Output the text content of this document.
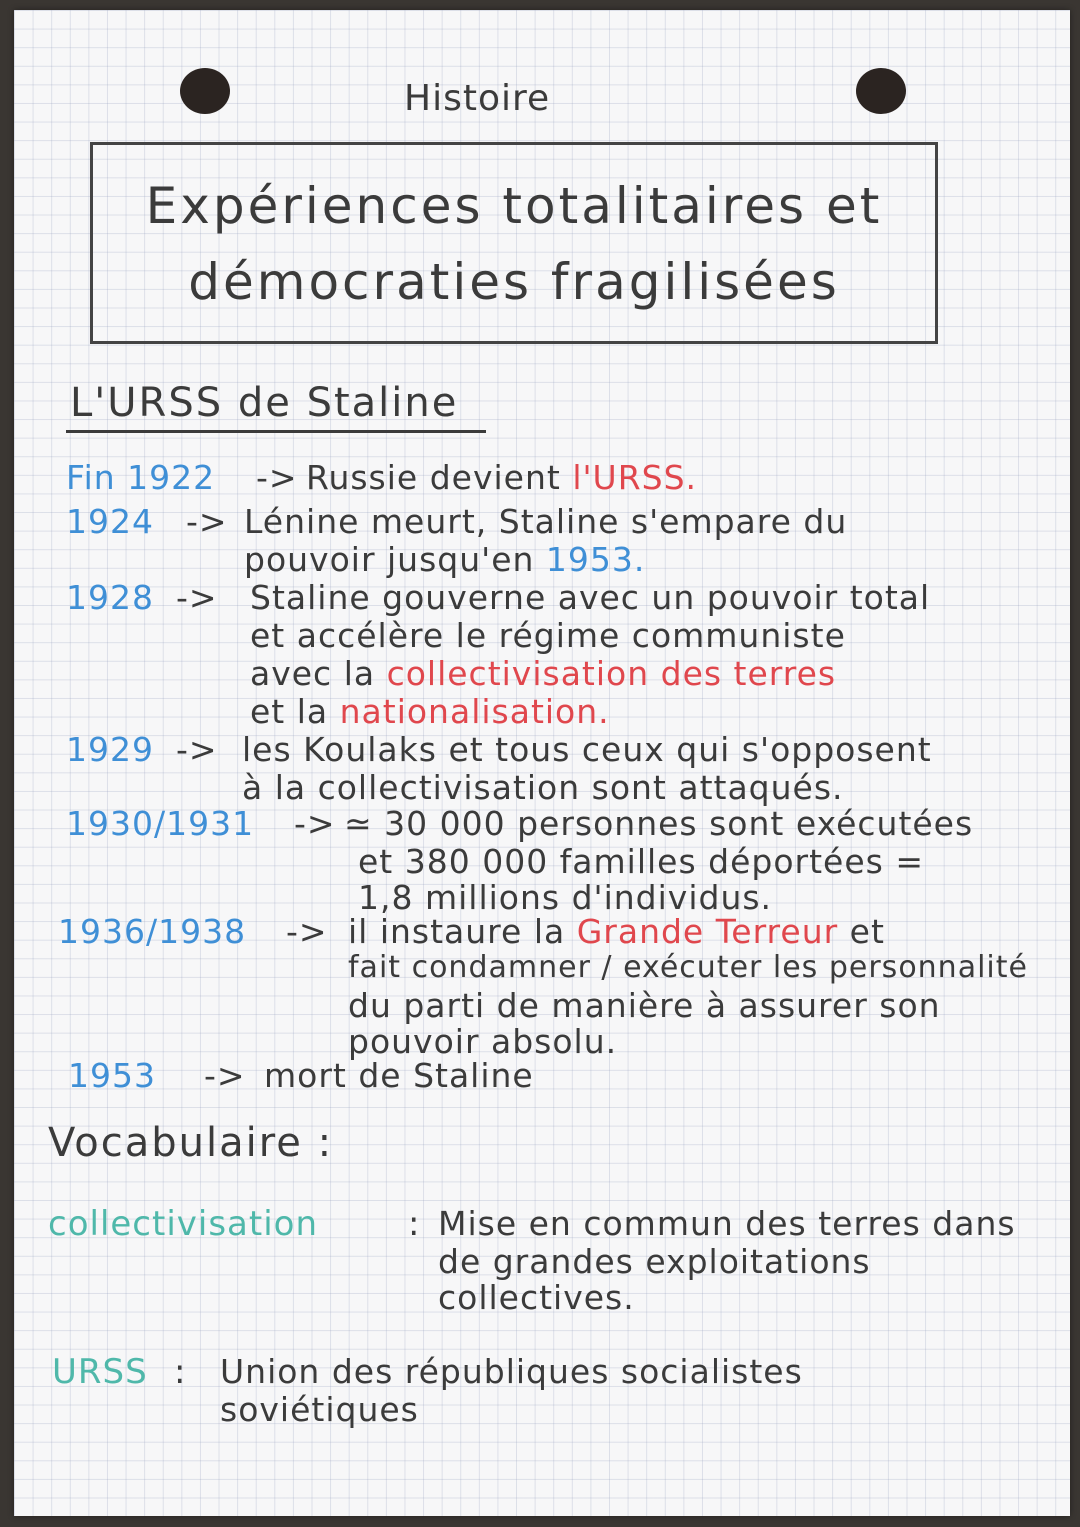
Histoire
Expériences totalitaires et
démocraties fragilisées
L'URSS de Staline
Fin 1922 -> Russie devient l'URSS.
1924 -> Lénine meurt, Staline s'empare du
pouvoir jusqu'en 1953.
1928 -> Staline gouverne avec un pouvoir total
et accélère le régime communiste
avec la collectivisation des terres
et la nationalisation.
1929 -> les Koulaks et tous ceux qui s'opposent
à la collectivisation sont attaqués.
1930/1931 -> ≃ 30 000 personnes sont exécutées
et 380 000 familles déportées =
1,8 millions d'individus.
1936/1938 -> il instaure la Grande Terreur et
fait condamner / exécuter les personnalité
du parti de manière à assurer son
pouvoir absolu.
1953 -> mort de Staline
Vocabulaire :
collectivisation	: Mise en commun des terres dans
de grandes exploitations
collectives.
URSS : Union des républiques socialistes
soviétiques
